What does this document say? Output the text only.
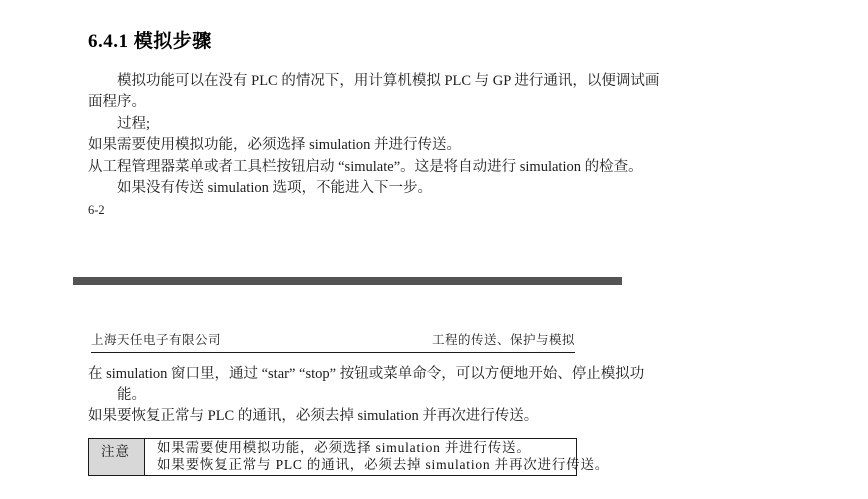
6.4.1 模拟步骤
模拟功能可以在没有 PLC 的情况下，用计算机模拟 PLC 与 GP 进行通讯，以便调试画
面程序。
过程;
如果需要使用模拟功能，必须选择 simulation 并进行传送。
从工程管理器菜单或者工具栏按钮启动 “simulate”。这是将自动进行 simulation 的检查。
如果没有传送 simulation 选项，不能进入下一步。
6-2
上海天任电子有限公司	工程的传送、保护与模拟
在 simulation 窗口里，通过 “star” “stop” 按钮或菜单命令，可以方便地开始、停止模拟功
能。
如果要恢复正常与 PLC 的通讯，必须去掉 simulation 并再次进行传送。
注意	如果需要使用模拟功能，必须选择 simulation 并进行传送。
如果要恢复正常与 PLC 的通讯，必须去掉 simulation 并再次进行传送。
